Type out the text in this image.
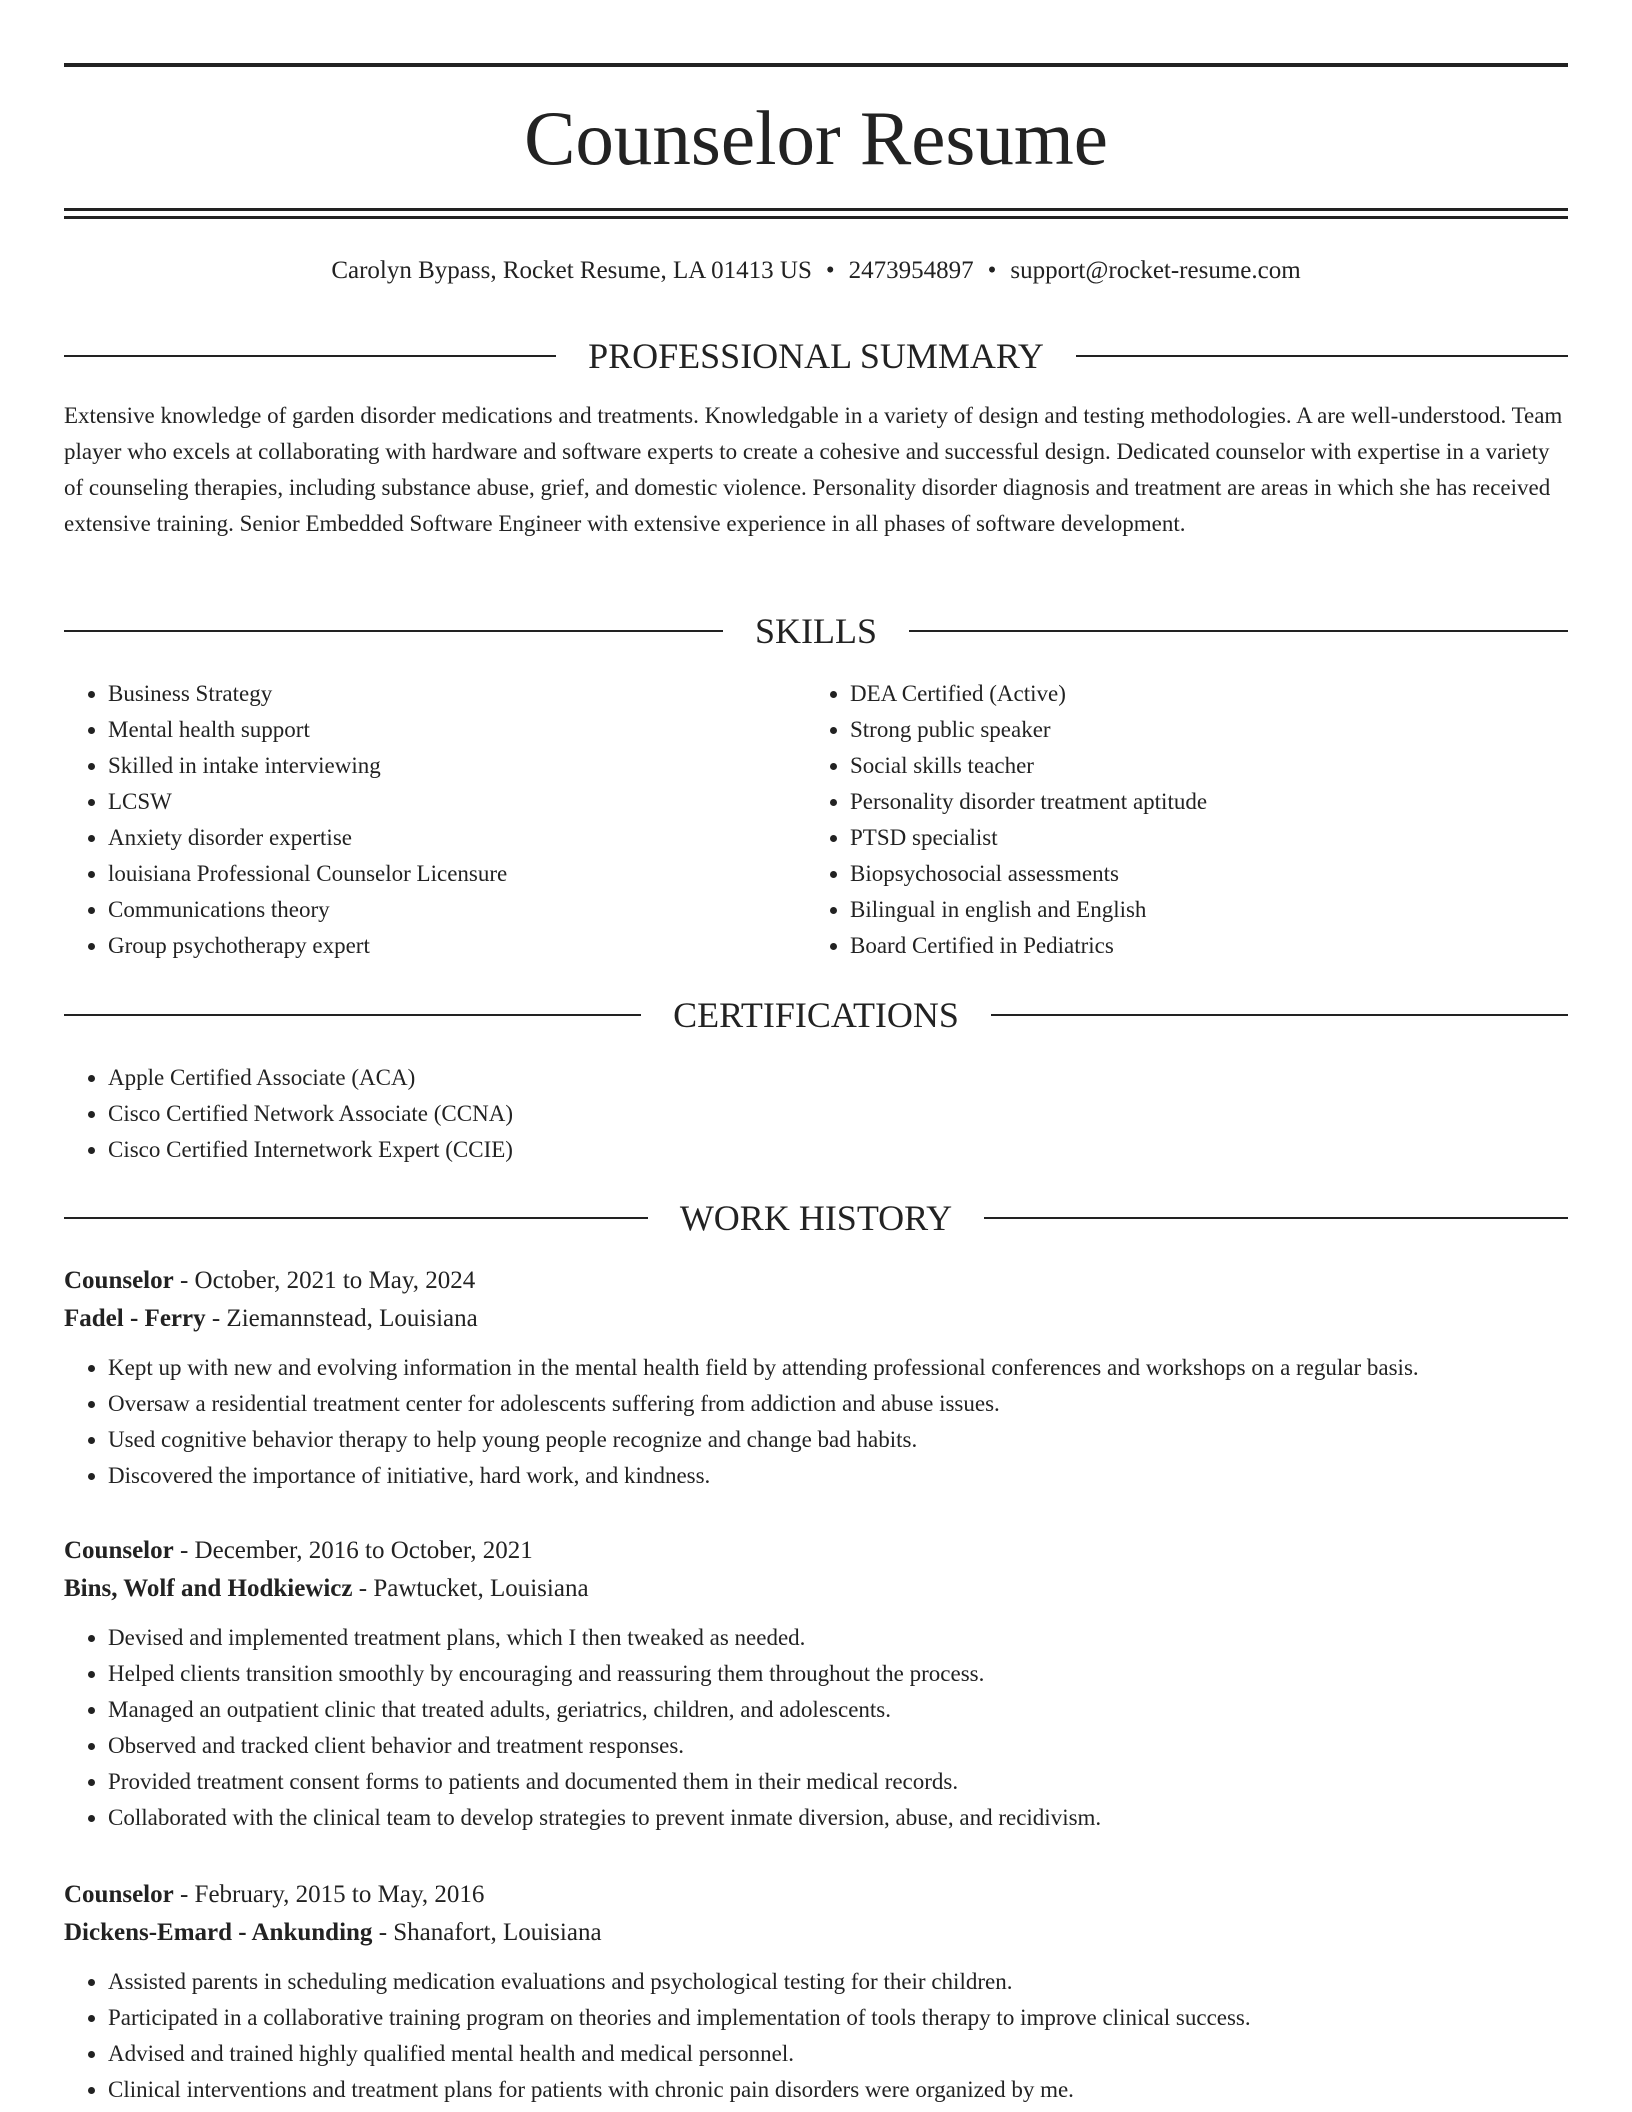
Counselor Resume
Carolyn Bypass, Rocket Resume, LA 01413 US • 2473954897 • support@rocket-resume.com
PROFESSIONAL SUMMARY

Extensive knowledge of garden disorder medications and treatments. Knowledgable in a variety of design and testing methodologies. A are well-understood. Team player who excels at collaborating with hardware and software experts to create a cohesive and successful design. Dedicated counselor with expertise in a variety of counseling therapies, including substance abuse, grief, and domestic violence. Personality disorder diagnosis and treatment are areas in which she has received extensive training. Senior Embedded Software Engineer with extensive experience in all phases of software development.

SKILLS
• Business Strategy
• Mental health support
• Skilled in intake interviewing
• LCSW
• Anxiety disorder expertise
• louisiana Professional Counselor Licensure
• Communications theory
• Group psychotherapy expert
• DEA Certified (Active)
• Strong public speaker
• Social skills teacher
• Personality disorder treatment aptitude
• PTSD specialist
• Biopsychosocial assessments
• Bilingual in english and English
• Board Certified in Pediatrics
CERTIFICATIONS
• Apple Certified Associate (ACA)
• Cisco Certified Network Associate (CCNA)
• Cisco Certified Internetwork Expert (CCIE)
WORK HISTORY
Counselor - October, 2021 to May, 2024
Fadel - Ferry - Ziemannstead, Louisiana
• Kept up with new and evolving information in the mental health field by attending professional conferences and workshops on a regular basis.
• Oversaw a residential treatment center for adolescents suffering from addiction and abuse issues.
• Used cognitive behavior therapy to help young people recognize and change bad habits.
• Discovered the importance of initiative, hard work, and kindness.
Counselor - December, 2016 to October, 2021
Bins, Wolf and Hodkiewicz - Pawtucket, Louisiana
• Devised and implemented treatment plans, which I then tweaked as needed.
• Helped clients transition smoothly by encouraging and reassuring them throughout the process.
• Managed an outpatient clinic that treated adults, geriatrics, children, and adolescents.
• Observed and tracked client behavior and treatment responses.
• Provided treatment consent forms to patients and documented them in their medical records.
• Collaborated with the clinical team to develop strategies to prevent inmate diversion, abuse, and recidivism.
Counselor - February, 2015 to May, 2016
Dickens-Emard - Ankunding - Shanafort, Louisiana
• Assisted parents in scheduling medication evaluations and psychological testing for their children.
• Participated in a collaborative training program on theories and implementation of tools therapy to improve clinical success.
• Advised and trained highly qualified mental health and medical personnel.
• Clinical interventions and treatment plans for patients with chronic pain disorders were organized by me.
